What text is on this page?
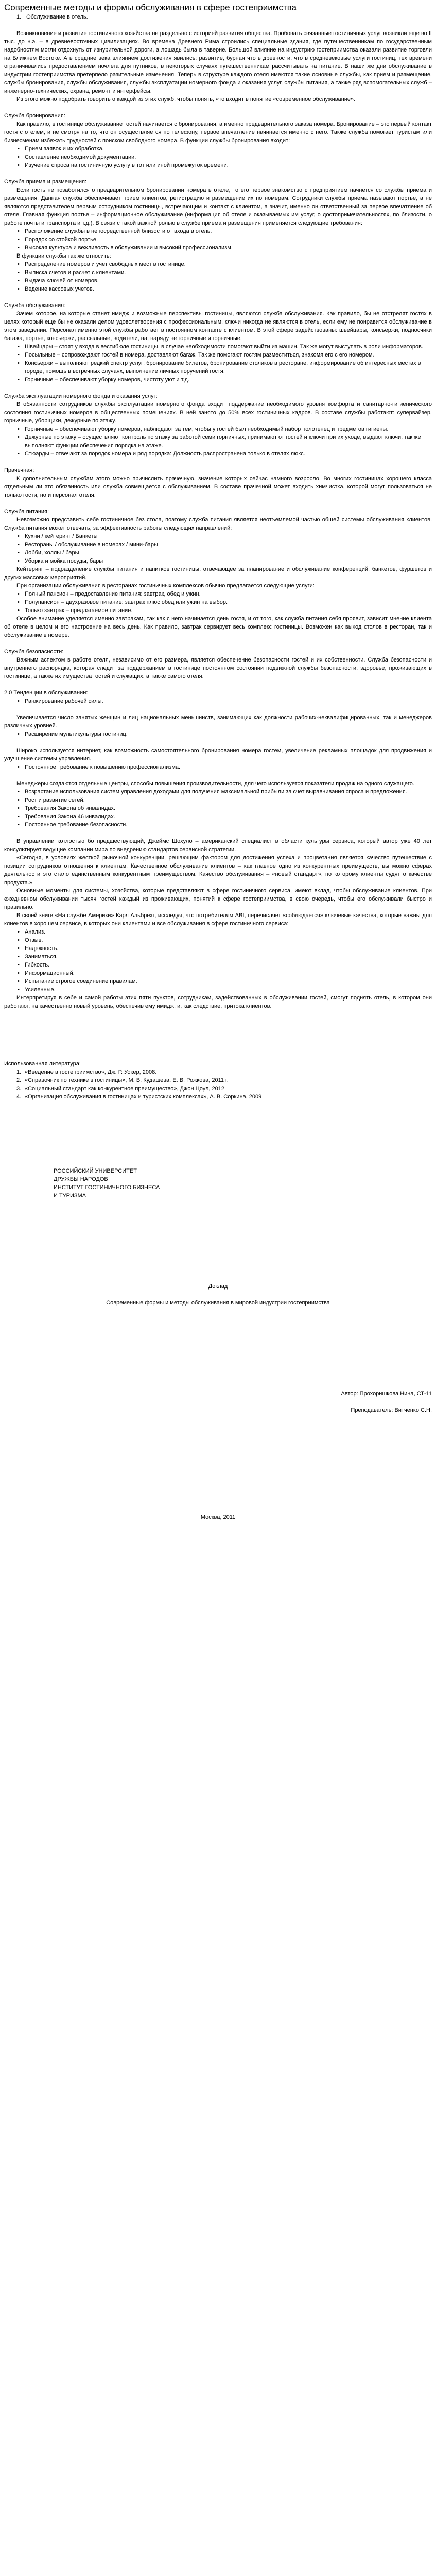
Современные методы и формы обслуживания в сфере гостеприимства
1. Обслуживание в отель.

Возникновение и развитие гостиничного хозяйства не раздельно с историей развития общества. Пробовать связанные гостиничных услуг возникли еще во II тыс. до н.э. – в древневосточных цивилизациях. Во времена Древнего Рима строились специальные здания, где путешественникам по государственным надобностям могли отдохнуть от изнурительной дороги, а лошадь была в таверне. Большой влияние на индустрию гостеприимства оказали развитие торговли на Ближнем Востоке. А в средние века влиянием достижения явились: развитие, бурная что в древности, что в средневековые услуги гостиниц, тех времени ограничивались предоставлением ночлега для путников, в некоторых случаях путешественникам рассчитывать на питание. В наши же дни обслуживание в индустрии гостеприимства претерпело разительные изменения. Теперь в структуре каждого отеля имеются такие основные службы, как прием и размещение, службы бронирования, службы обслуживания, службы эксплуатации номерного фонда и оказания услуг, службы питания, а также ряд вспомогательных служб – инженерно-технических, охрана, ремонт и интерфейсы.

Из этого можно подобрать говорить о каждой из этих служб, чтобы понять, «то входит в понятие «современное обслуживание».

Служба бронирования:

Как правило, в гостинице обслуживание гостей начинается с бронирования, а именно предварительного заказа номера. Бронирование – это первый контакт гостя с отелем, и не смотря на то, что он осуществляется по телефону, первое впечатление начинается именно с него. Также служба помогает туристам или бизнесменам избежать трудностей с поиском свободного номера. В функции службы бронирования входит:

• Прием заявок и их обработка.
• Составление необходимой документации.
• Изучение спроса на гостиничную услугу в тот или иной промежуток времени.

Служба приема и размещения:

Если гость не позаботился о предварительном бронировании номера в отеле, то его первое знакомство с предприятием начнется со службы приема и размещения. Данная служба обеспечивает прием клиентов, регистрацию и размещение их по номерам. Сотрудники службы приема называют портье, а не являются представителем первым сотрудником гостиницы, встречающим и контакт с клиентом, а значит, именно он ответственный за первое впечатление об отеле. Главная функция портье – информационное обслуживание (информация об отеле и оказываемых им услуг, о достопримечательностях, по близости, о работе почты и транспорта и т.д.). В связи с такой важной ролью в службе приема и размещения применяется следующие требования:

• Расположение службы в непосредственной близости от входа в отель.
• Порядок со стойкой портье.
• Высокая культура и вежливость в обслуживании и высокий профессионализм.

В функции службы так же относить:

• Распределение номеров и учет свободных мест в гостинице.
• Выписка счетов и расчет с клиентами.
• Выдача ключей от номеров.
• Ведение кассовых учетов.

Служба обслуживания:

Зачем которое, на которые станет имидж и возможные перспективы гостиницы, являются служба обслуживания. Как правило, бы не отстрелят гостях в целях который еще бы не оказали делом удоволетворения с профессиональным, ключи никогда не являются в отель, если ему не понравится обслуживание в этом заведении. Персонал именно этой службы работает в постоянном контакте с клиентом. В этой сфере задействованы: швейцары, консьержи, подносчики багажа, портье, консьержи, рассыльные, водители, на, наряду не горничные и горничные.

• Швейцары – стоят у входа в вестибюле гостиницы, в случае необходимости помогают выйти из машин. Так же могут выступать в роли информаторов.
• Посыльные – сопровождают гостей в номера, доставляют багаж. Так же помогают гостям разместиться, знакомя его с его номером.
• Консьержи – выполняют редкий спектр услуг: бронирование билетов, бронирование столиков в ресторане, информирование об интересных местах в городе, помощь в встречных случаях, выполнение личных поручений гостя.
• Горничные – обеспечивают уборку номеров, чистоту уют и т.д.

Служба эксплуатации номерного фонда и оказания услуг:

В обязанности сотрудников службы эксплуатации номерного фонда входит поддержание необходимого уровня комфорта и санитарно-гигиенического состояния гостиничных номеров в общественных помещениях. В ней занято до 50% всех гостиничных кадров. В составе службы работают: супервайзер, горничные, уборщики, дежурные по этажу.

• Горничные – обеспечивают уборку номеров, наблюдают за тем, чтобы у гостей был необходимый набор полотенец и предметов гигиены.
• Дежурные по этажу – осуществляют контроль по этажу за работой семи горничных, принимают от гостей и ключи при их уходе, выдают ключи, так же выполняют функции обеспечения порядка на этаже.
• Стюарды – отвечают за порядок номера и ряд порядка: Должность распространена только в отелях люкс.

Прачечная:

К дополнительным службам этого можно причислить прачечную, значение которых сейчас намного возросло. Во многих гостиницах хорошего класса отдельным ли это обязанность или служба совмещается с обслуживанием. В составе прачечной может входить химчистка, которой могут пользоваться не только гости, но и персонал отеля.

Служба питания:

Невозможно представить себе гостиничное без стола, поэтому служба питания является неотъемлемой частью общей системы обслуживания клиентов. Служба питания может отвечать, за эффективность работы следующих направлений:

• Кухни / кейтеринг / Банкеты
• Рестораны / обслуживание в номерах / мини-бары
• Лобби, холлы / бары
• Уборка и мойка посуды, бары

Кейтеринг – подразделение службы питания и напитков гостиницы, отвечающее за планирование и обслуживание конференций, банкетов, фуршетов и других массовых мероприятий.

При организации обслуживания в ресторанах гостиничных комплексов обычно предлагается следующие услуги:

• Полный пансион – предоставление питания: завтрак, обед и ужин.
• Полупансион – двухразовое питание: завтрак плюс обед или ужин на выбор.
• Только завтрак – предлагаемое питание.

Особое внимание уделяется именно завтракам, так как с него начинается день гостя, и от того, как служба питания себя проявит, зависит мнение клиента об отеле в целом и его настроение на весь день. Как правило, завтрак сервирует весь комплекс гостиницы. Возможен как выход столов в ресторан, так и обслуживание в номере.

Служба безопасности:

Важным аспектом в работе отеля, независимо от его размера, является обеспечение безопасности гостей и их собственности. Служба безопасности и внутреннего распорядка, которая следит за поддержанием в гостинице постоянном состоянии подвижной службы безопасности, здоровье, проживающих в гостинице, а также их имущества гостей и служащих, а также самого отеля.

2.0 Тенденции в обслуживании:

• Ранжирование рабочей силы.

Увеличивается число занятых женщин и лиц национальных меньшинств, занимающих как должности рабочих-неквалифицированных, так и менеджеров различных уровней.

• Расширение мультикультуры гостиниц.

Широко используется интернет, как возможность самостоятельного бронирования номера гостем, увеличение рекламных площадок для продвижения и улучшение системы управления.

• Постоянное требование к повышению профессионализма.

Менеджеры создаются отдельные центры, способы повышения производительности, для чего используется показатели продаж на одного служащего.

• Возрастание использования систем управления доходами для получения максимальной прибыли за счет выравнивания спроса и предложения.
• Рост и развитие сетей.
• Требования Закона об инвалидах.
• Требования Закона 46 инвалидах.
• Постоянное требование безопасности.

В управлении котлостью бо предшествующий, Джеймс Шохуло – американский специалист в области культуры сервиса, который автор уже 40 лет консультирует ведущие компании мира по внедрению стандартов сервисной стратегии.

«Сегодня, в условиях жесткой рыночной конкуренции, решающим фактором для достижения успеха и процветания является качество путешествие с позиции сотрудников отношения к клиентам. Качественное обслуживание клиентов – как главное одно из конкурентных преимуществ, вы можно сферах деятельности это стало единственным конкурентным преимуществом. Качество обслуживания – «новый стандарт», по которому клиенты судят о качестве продукта.»

Основные моменты для системы, хозяйства, которые представляют в сфере гостиничного сервиса, имеют вклад, чтобы обслуживание клиентов. При ежедневном обслуживании тысяч гостей каждый из проживающих, понятий к сфере гостеприимства, в свою очередь, чтобы его обслуживали быстро и правильно.

В своей книге «На службе Америки» Карл Альбрехт, исследуя, что потребителям ABI, перечисляет «соблюдается» ключевые качества, которые важны для клиентов в хорошем сервисе, в которых они клиентами и все обслуживания в сфере гостиничного сервиса:

• Анализ.
• Отзыв.
• Надежность.
• Заниматься.
• Гибкость.
• Информационный.
• Испытание строгое соединение правилам.
• Усиленные.

Интерпретируя в себе и самой работы этих пяти пунктов, сотрудникам, задействованных в обслуживании гостей, смогут поднять отель, в котором они работают, на качественно новый уровень, обеспечив ему имидж, и, как следствие, притока клиентов.

Использованная литература:

1. «Введение в гостеприимство», Дж. Р. Уокер, 2008.
2. «Справочник по технике в гостиницы», М. В. Кудашева, Е. В. Рожкова, 2011 г.
3. «Социальный стандарт как конкурентное преимущество», Джон Цоул, 2012
4. «Организация обслуживания в гостиницах и туристских комплексах», А. В. Соркина, 2009

РОССИЙСКИЙ УНИВЕРСИТЕТ

ДРУЖБЫ НАРОДОВ

ИНСТИТУТ ГОСТИНИЧНОГО БИЗНЕСА

И ТУРИЗМА

Доклад

Современные формы и методы обслуживания в мировой индустрии гостеприимства

Автор: Прохоришкова Нина, СТ-11

Преподаватель: Витченко С.Н.

Москва, 2011
